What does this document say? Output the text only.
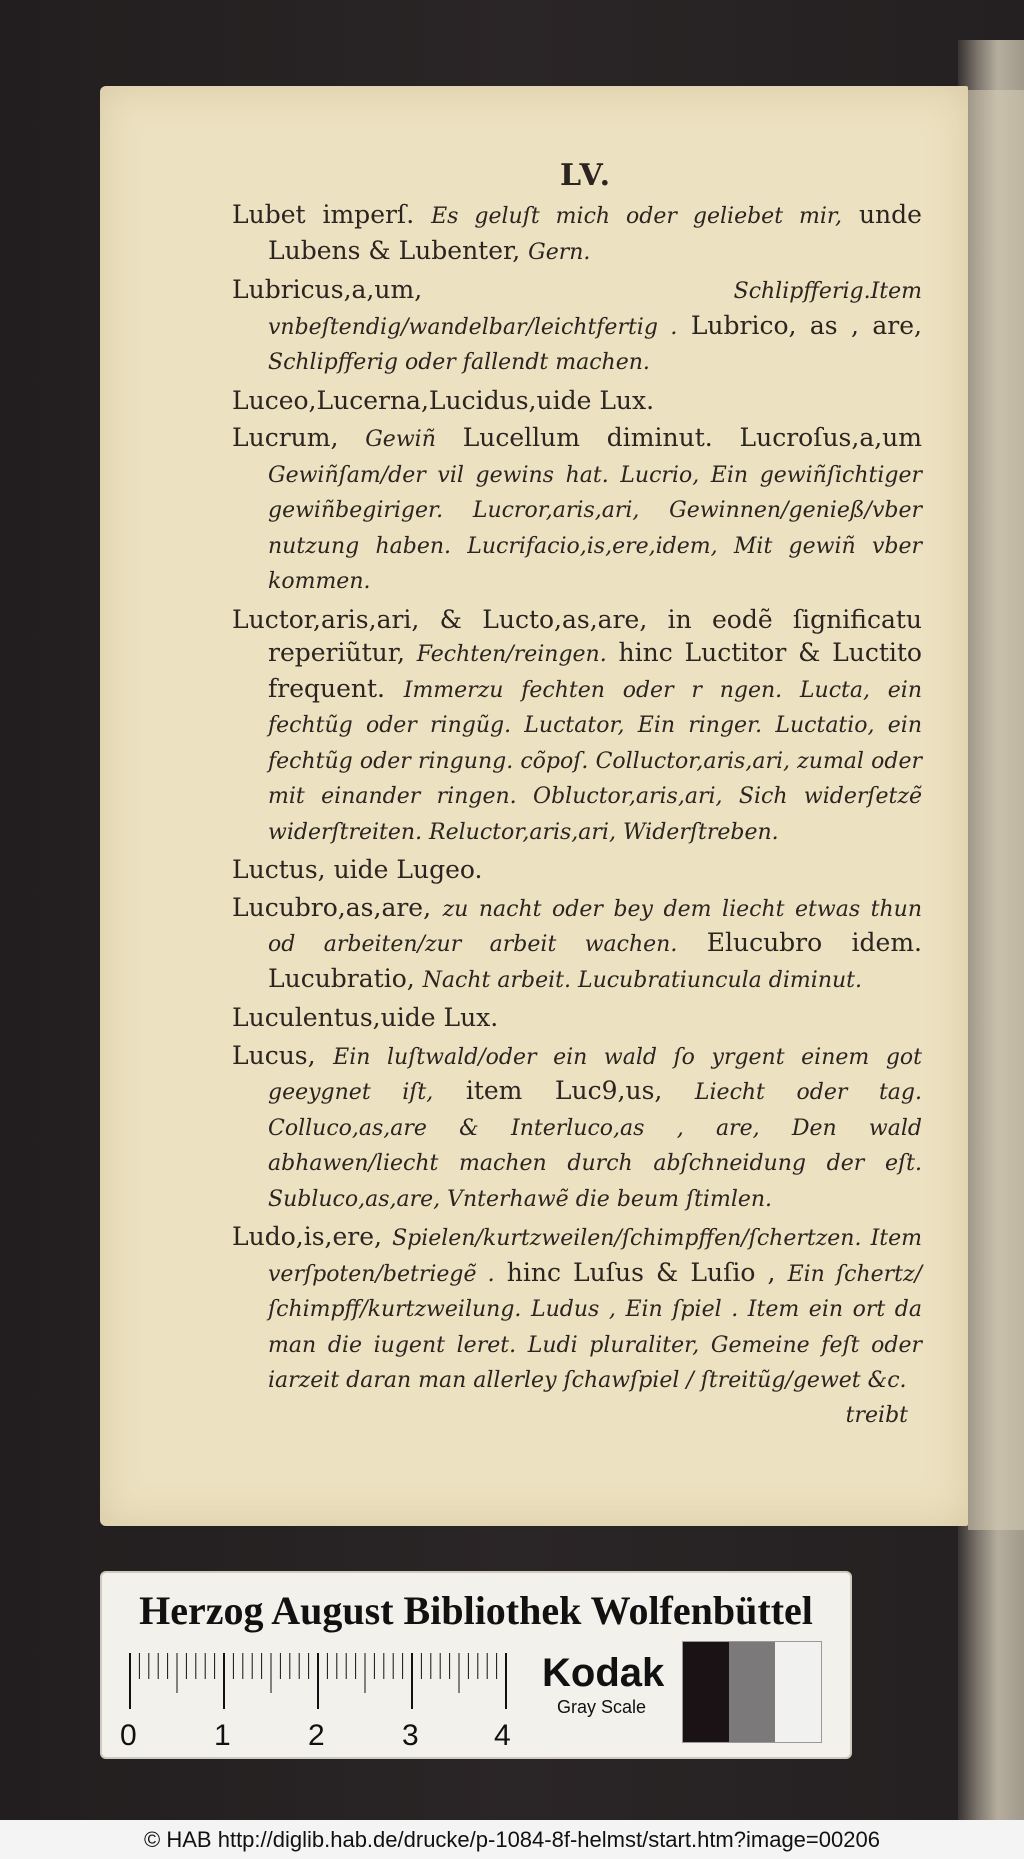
LV.
Lubet imperſ. Es geluſt mich oder geliebet mir, unde Lubens & Lubenter, Gern.
Lubricus,a,um,	Schlipfferig.Item vnbeſtendig/wandelbar/leichtfertig . Lubrico, as , are, Schlipfferig oder fallendt machen.
Luceo,Lucerna,Lucidus,uide Lux.
Lucrum, Gewiñ Lucellum diminut. Lucroſus,a,um Gewiñſam/der vil gewins hat. Lucrio, Ein gewiñſichtiger gewiñbegiriger. Lucror,aris,ari, Gewinnen/genieß/vber nutzung haben. Lucrifacio,is,ere,idem, Mit gewiñ vber kommen.
Luctor,aris,ari, & Lucto,as,are, in eodẽ ſignificatu reperiũtur, Fechten/reingen. hinc Luctitor & Luctito frequent. Immerzu fechten oder r ngen. Lucta, ein fechtũg oder ringũg. Luctator, Ein ringer. Luctatio, ein fechtũg oder ringung. cõpoſ. Colluctor,aris,ari, zumal oder mit einander ringen. Obluctor,aris,ari, Sich widerſetzẽ widerſtreiten. Reluctor,aris,ari, Widerſtreben.
Luctus, uide Lugeo.
Lucubro,as,are, zu nacht oder bey dem liecht etwas thun od arbeiten/zur arbeit wachen. Elucubro idem. Lucubratio, Nacht arbeit. Lucubratiuncula diminut.
Luculentus,uide Lux.
Lucus, Ein luſtwald/oder ein wald ſo yrgent einem got geeygnet iſt, item Luc9,us, Liecht oder tag. Colluco,as,are & Interluco,as , are, Den wald abhawen/liecht machen durch abſchneidung der eſt. Subluco,as,are, Vnterhawẽ die beum ſtimlen.
Ludo,is,ere, Spielen/kurtzweilen/ſchimpffen/ſchertzen. Item verſpoten/betriegẽ . hinc Luſus & Luſio , Ein ſchertz/ſchimpff/kurtzweilung. Ludus , Ein ſpiel . Item ein ort da man die iugent leret. Ludi pluraliter, Gemeine feſt oder iarzeit daran man allerley ſchawſpiel / ſtreitũg/gewet &c.
treibt
Herzog August Bibliothek Wolfenbüttel
0	1	2	3	4
Kodak
Gray Scale
© HAB http://diglib.hab.de/drucke/p-1084-8f-helmst/start.htm?image=00206
